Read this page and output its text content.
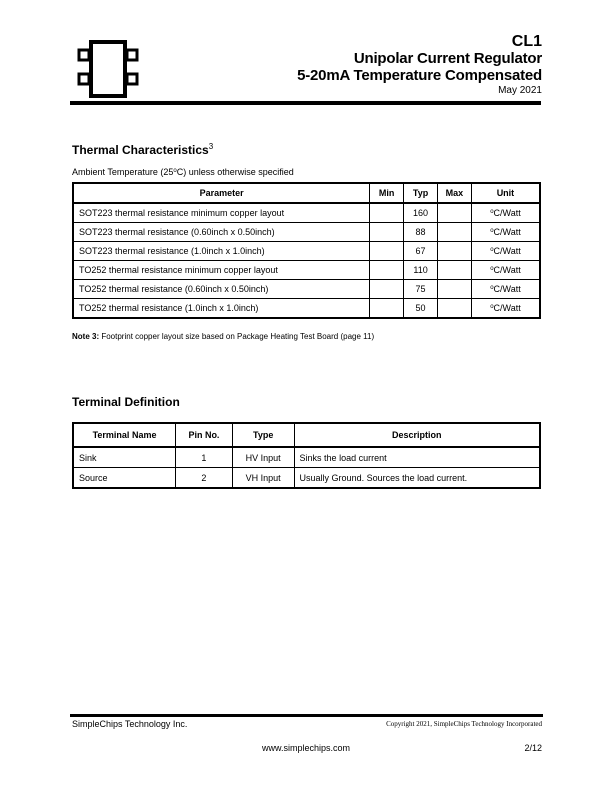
CL1
Unipolar Current Regulator
5-20mA Temperature Compensated
May 2021
Thermal Characteristics$^3$
Ambient Temperature (25$^o$C) unless otherwise specified
Parameter	Min	Typ	Max	Unit
SOT223 thermal resistance minimum copper layout		160		$^o$C/Watt
SOT223 thermal resistance (0.60inch x 0.50inch)		88		$^o$C/Watt
SOT223 thermal resistance (1.0inch x 1.0inch)		67		$^o$C/Watt
TO252 thermal resistance minimum copper layout		110		$^o$C/Watt
TO252 thermal resistance (0.60inch x 0.50inch)		75		$^o$C/Watt
TO252 thermal resistance (1.0inch x 1.0inch)		50		$^o$C/Watt
Note 3: Footprint copper layout size based on Package Heating Test Board (page 11)
Terminal Definition
Terminal Name	Pin No.	Type	Description
Sink	1	HV Input	Sinks the load current
Source	2	VH Input	Usually Ground. Sources the load current.
SimpleChips Technology Inc.	Copyright 2021, SimpleChips Technology Incorporated
www.simplechips.com	2/12
